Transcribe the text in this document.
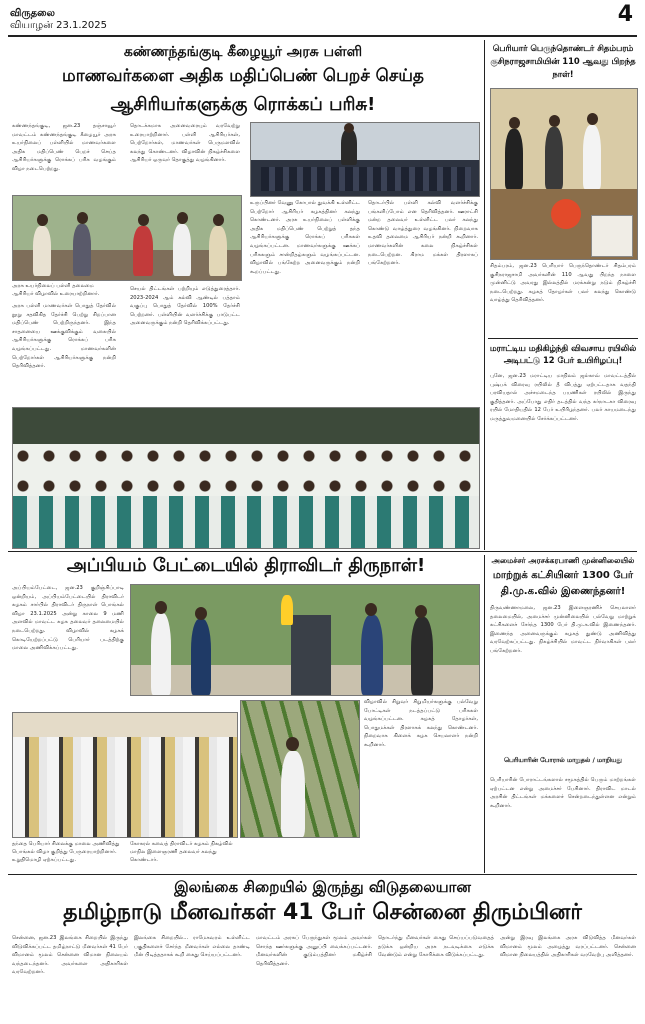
விருதலை
வியாழன் 23.1.2025	4
கண்ணந்தங்குடி கீழையூர் அரசு பள்ளி
மாணவர்களை அதிக மதிப்பெண் பெறச் செய்த
ஆசிரியர்களுக்கு ரொக்கப் பரிசு!
கண்ணந்தங்குடி, ஜன.23 தஞ்சாவூர் மாவட்டம் கண்ணந்தங்குடி கீழையூர் அரசு உயர்நிலைப் பள்ளியில் மாணவர்களை அதிக மதிப்பெண் பெறச் செய்த ஆசிரியர்களுக்கு ரொக்கப் பரிசு வழங்கும் விழா நடைபெற்றது.
தொடக்கமாக அனைவரையும் வரவேற்று உரையாற்றினார். பள்ளி ஆசிரியர்கள், பெற்றோர்கள், மாணவர்கள் பெருமளவில் கலந்து கொண்டனர். விழாவின் நிகழ்ச்சிகளை ஆசிரியர் ஒருவர் தொகுத்து வழங்கினார்.
அரசு உயர்நிலைப் பள்ளி தலைமை ஆசிரியர் விழாவில் உரையாற்றினார்.
அரசு பள்ளி மாணவர்கள் பொதுத் தேர்வில் நூறு சதவிகித தேர்ச்சி பெற்று சிறப்பான மதிப்பெண் பெற்றிருந்தனர். இந்த சாதனையை ஊக்குவிக்கும் வகையில் ஆசிரியர்களுக்கு ரொக்கப் பரிசு வழங்கப்பட்டது. மாணவர்களின் பெற்றோர்கள் ஆசிரியர்களுக்கு நன்றி தெரிவித்தனர்.
செயல் திட்டங்கள் பற்றியும் எடுத்துரைத்தார். 2023-2024 ஆம் கல்வி ஆண்டில் பத்தாம் வகுப்பு பொதுத் தேர்வில் 100% தேர்ச்சி பெற்றனர். பள்ளியின் வளர்ச்சிக்கு பாடுபட்ட அனைவருக்கும் நன்றி தெரிவிக்கப்பட்டது.
உருப்பினர் வேணு கோபால் துவக்கி உள்ளிட்ட பெற்றோர் ஆசிரியர் கழகத்தினர் கலந்து கொண்டனர். அரசு உயர்நிலைப் பள்ளிக்கு அதிக மதிப்பெண் பெற்றுத் தந்த ஆசிரியர்களுக்கு ரொக்கப் பரிசுகள் வழங்கப்பட்டன. மாணவர்களுக்கு ஊக்கப் பரிசுகளும் சான்றிதழ்களும் வழங்கப்பட்டன. விழாவில் பங்கேற்ற அனைவருக்கும் நன்றி கூறப்பட்டது.
தொடர்பில் பள்ளி கல்வி வளர்ச்சிக்கு பங்களிப்போம் என தெரிவித்தனர். ஊராட்சி மன்ற தலைவர் உள்ளிட்ட பலர் கலந்து கொண்டு வாழ்த்துரை வழங்கினர். நிறைவாக உதவி தலைமை ஆசிரியர் நன்றி கூறினார். மாணவர்களின் கலை நிகழ்ச்சிகள் நடைபெற்றன. கிராம மக்கள் திரளாகப் பங்கேற்றனர்.
பெரியார் பெருந்தொண்டர் சிதம்பரம் குசிநராஜசாமியின் 110 ஆவது பிறந்த நாள்!
சிதம்பரம், ஜன.23 பெரியார் பெருந்தொண்டர் சிதம்பரம் குசிநராஜசாமி அவர்களின் 110 ஆவது பிறந்த நாளை முன்னிட்டு அவரது இல்லத்தில் மரக்கன்று நடும் நிகழ்ச்சி நடைபெற்றது. கழகத் தோழர்கள் பலர் கலந்து கொண்டு வாழ்த்து தெரிவித்தனர்.
மராட்டிய மதிகிழ்ந்தி விவசாய ரயிலில் அடிபட்டு 12 பேர் உயிரிழப்பு!
புனே, ஜன.23 மராட்டிய மாநிலம் ஜல்காவ் மாவட்டத்தில் புஷ்பக் விரைவு ரயிலில் தீ விபத்து ஏற்பட்டதாக வதந்தி பரவியதால் அச்சமடைந்த பயணிகள் ரயிலில் இருந்து குதித்தனர். அப்போது எதிர் தடத்தில் வந்த கர்நாடகா விரைவு ரயில் மோதியதில் 12 பேர் உயிரிழந்தனர். பலர் காயமடைந்து மருத்துவமனையில் சேர்க்கப்பட்டனர்.
அப்பியம் பேட்டையில் திராவிடர் திருநாள்!
அப்பியம்பேட்டை, ஜன.23 குறிஞ்சிப்பாடி ஒன்றியம், அப்பியம்பேட்டையில் திராவிடர் கழகம் சார்பில் திராவிடர் திருநாள் பொங்கல் விழா 23.1.2025 அன்று காலை 9 மணி அளவில் மாவட்ட கழக தலைவர் தலைமையில் நடைபெற்றது. விழாவில் கழகக் கொடியேற்றப்பட்டு பெரியார் படத்திற்கு மாலை அணிவிக்கப்பட்டது.
தந்தை பெரியார் சிலைக்கு மாலை அணிவித்து பொங்கல் விழா குறித்து பேருரையாற்றினார். உறுதிமொழி ஏற்கப்பட்டது.
கோசுரல் சுவைத் திராவிடர் கழகம் நிகழ்வில் மாநில இளைஞரணி தலைவர் கலந்து கொண்டார்.
விழாவில் சிறுவர் சிறுமியர்களுக்கு பல்வேறு போட்டிகள் நடத்தப்பட்டு பரிசுகள் வழங்கப்பட்டன. கழகத் தோழர்கள், பொதுமக்கள் திரளாகக் கலந்து கொண்டனர். நிறைவாக கிளைக் கழக செயலாளர் நன்றி கூறினார்.
அமைச்சர் அரசக்கரபாணி முன்னிலையில்
மாற்றுக் கட்சியினர் 1300 பேர் தி.மு.க.வில் இணைந்தனர்!
திருவண்ணாமலை, ஜன.23 இளைஞரணிச் செயலாளர் தலைமையில், அமைச்சர் முன்னிலையில் பல்வேறு மாற்றுக் கட்சிகளைச் சேர்ந்த 1300 பேர் தி.மு.க.வில் இணைந்தனர். இணைந்த அனைவருக்கும் கழகத் துண்டு அணிவித்து வரவேற்கப்பட்டது. நிகழ்ச்சியில் மாவட்ட நிர்வாகிகள் பலர் பங்கேற்றனர்.
பெரியாரின் போரால் மாறுதல் / மாறியது
பெரியாரின் போராட்டங்களால் சமூகத்தில் பெரும் மாற்றங்கள் ஏற்பட்டன என்று அமைச்சர் பேசினார். திராவிட மாடல் அரசின் திட்டங்கள் மக்களைச் சென்றடைந்துள்ளன என்றும் கூறினார்.
இலங்கை சிறையில் இருந்து விடுதலையான
தமிழ்நாடு மீனவர்கள் 41 பேர் சென்னை திரும்பினர்
சென்னை, ஜன.23 இலங்கை சிறையில் இருந்து விடுவிக்கப்பட்ட தமிழ்நாட்டு மீனவர்கள் 41 பேர் விமானம் மூலம் சென்னை விமான நிலையம் வந்தடைந்தனர். அவர்களை அதிகாரிகள் வரவேற்றனர்.
இலங்கை சிறையில்... ராமேசுவரம் உள்ளிட்ட பகுதிகளைச் சேர்ந்த மீனவர்கள் எல்லை தாண்டி மீன் பிடித்ததாகக் கூறி கைது செய்யப்பட்டனர்.
மாவட்டம் அரசுப் பேருந்துகள் மூலம் அவர்கள் சொந்த ஊர்களுக்கு அனுப்பி வைக்கப்பட்டனர். மீனவர்களின் குடும்பத்தினர் மகிழ்ச்சி தெரிவித்தனர்.
தொடர்ந்து மீனவர்கள் கைது செய்யப்படுவதைத் தடுக்க ஒன்றிய அரசு நடவடிக்கை எடுக்க வேண்டும் என்று கோரிக்கை விடுக்கப்பட்டது.
அன்று இரவு இலங்கை அரசு விடுவித்த மீனவர்கள் விமானம் மூலம் அழைத்து வரப்பட்டனர். சென்னை விமான நிலையத்தில் அதிகாரிகள் வரவேற்பு அளித்தனர்.
